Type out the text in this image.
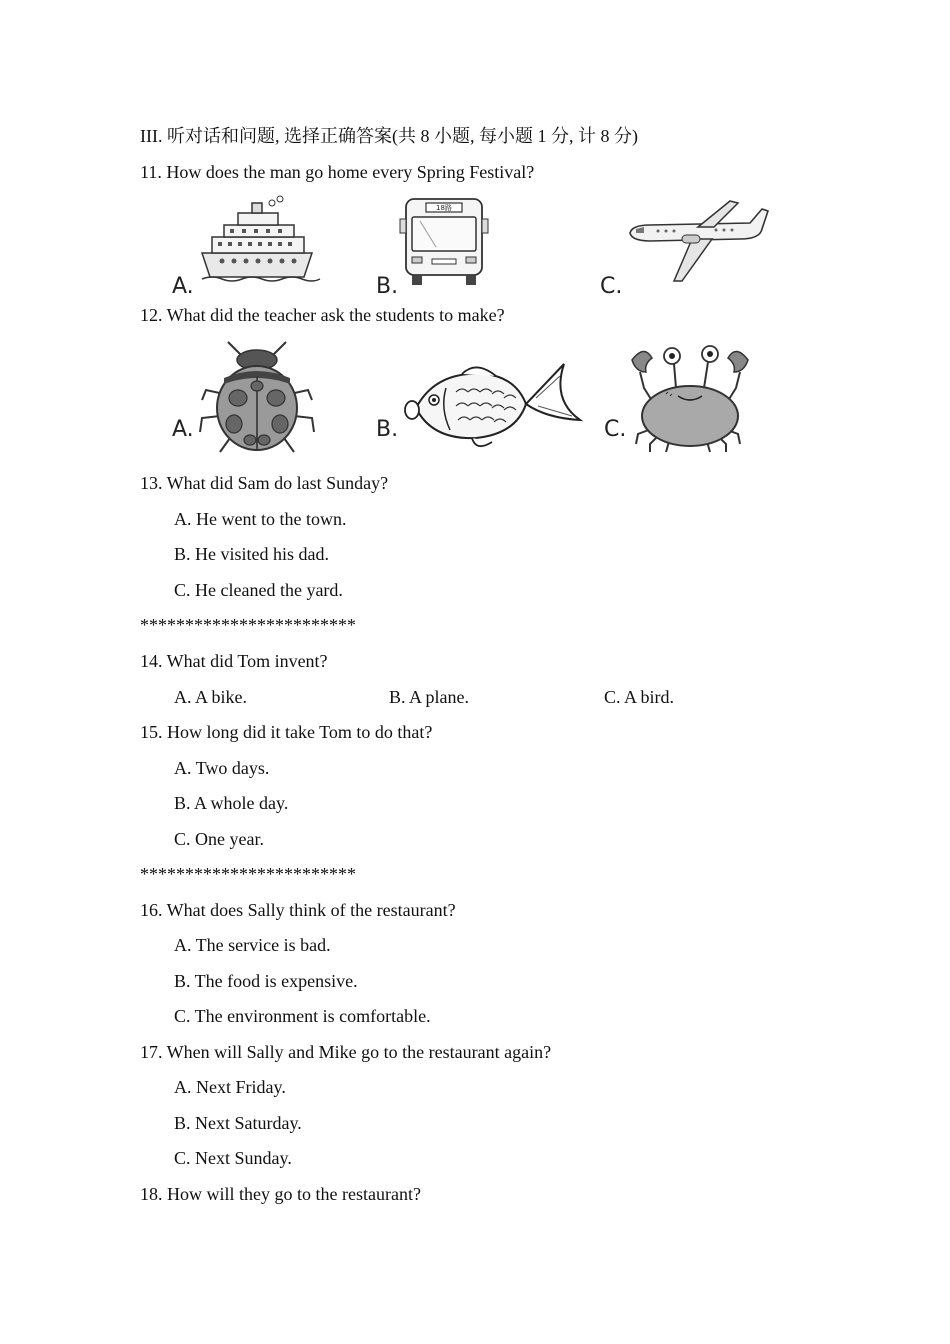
III. 听对话和问题, 选择正确答案(共 8 小题, 每小题 1 分, 计 8 分)
11. How does the man go home every Spring Festival?
A.
18路
B.	C.
12. What did the teacher ask the students to make?
A.	B.	C.
13. What did Sam do last Sunday?
A. He went to the town.
B. He visited his dad.
C. He cleaned the yard.
************************
14. What did Tom invent?
A. A bike.	B. A plane.	C. A bird.
15. How long did it take Tom to do that?
A. Two days.
B. A whole day.
C. One year.
************************
16. What does Sally think of the restaurant?
A. The service is bad.
B. The food is expensive.
C. The environment is comfortable.
17. When will Sally and Mike go to the restaurant again?
A. Next Friday.
B. Next Saturday.
C. Next Sunday.
18. How will they go to the restaurant?
